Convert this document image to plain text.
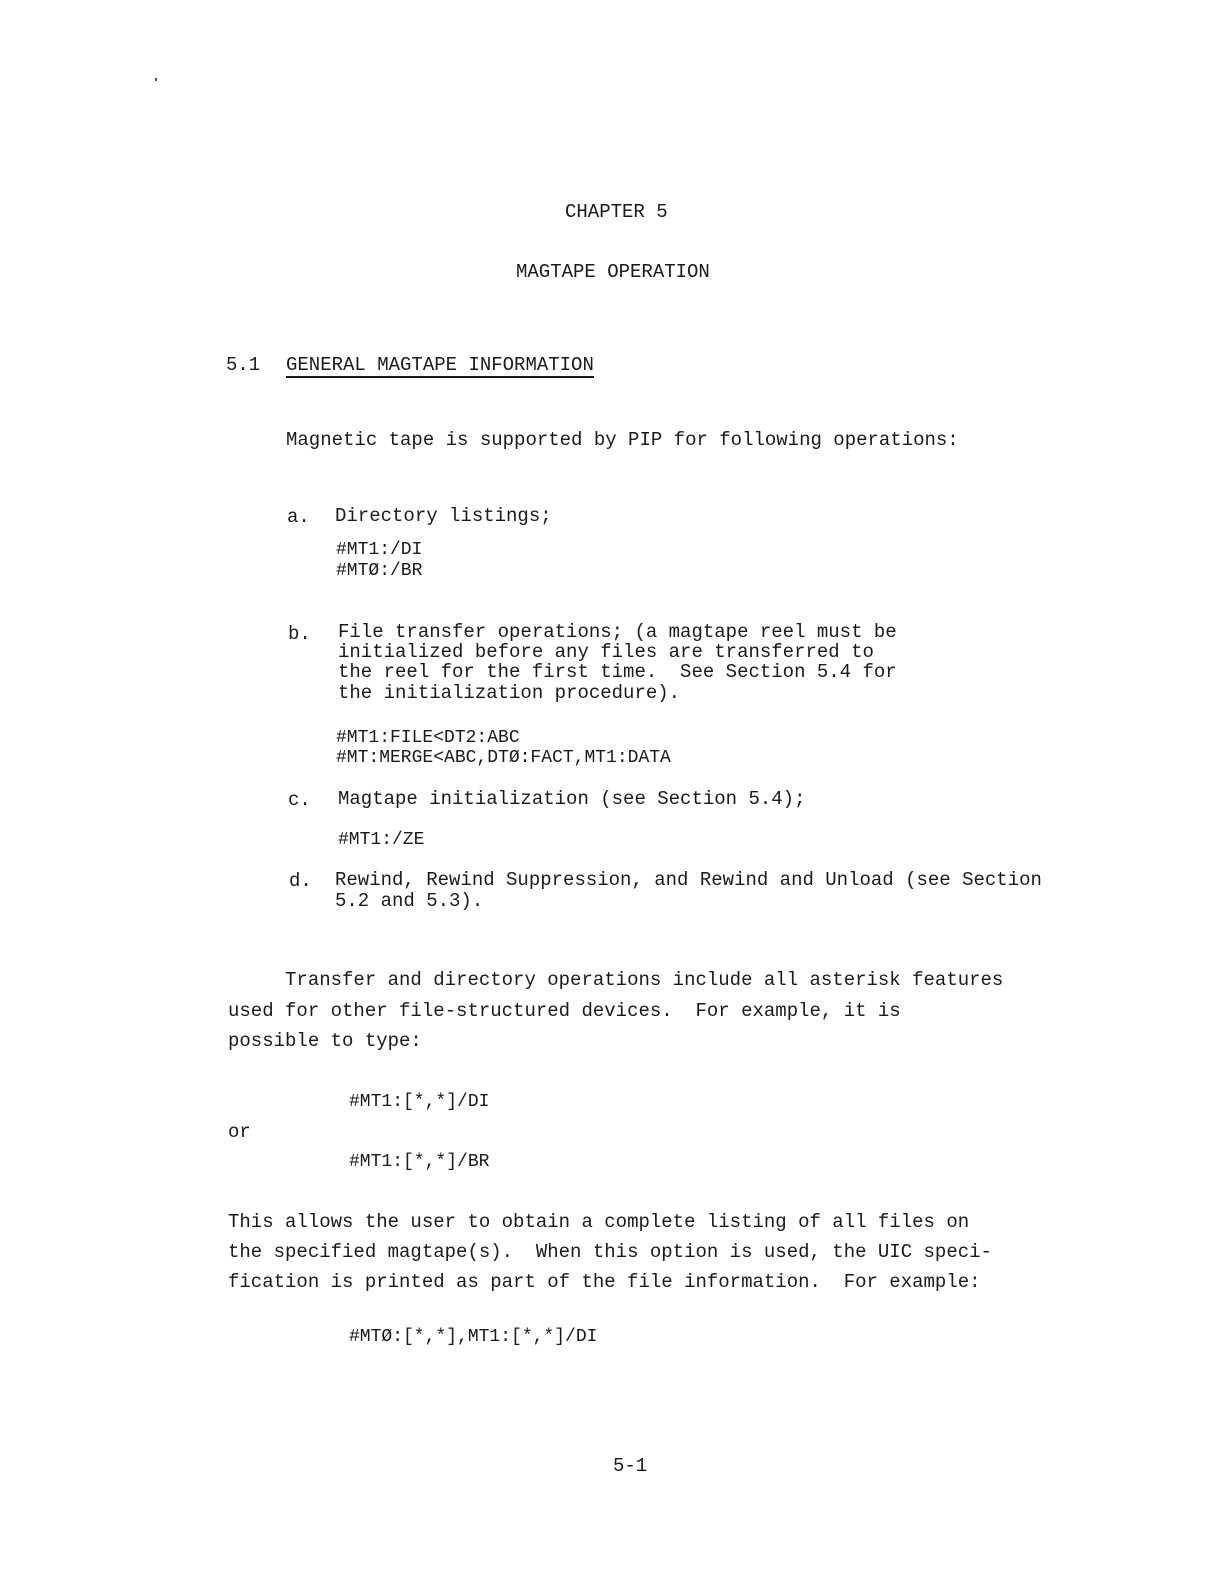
CHAPTER 5
MAGTAPE OPERATION
5.1 GENERAL MAGTAPE INFORMATION
Magnetic tape is supported by PIP for following operations:
a. Directory listings;
#MT1:/DI
#MTØ:/BR
b. File transfer operations; (a magtape reel must be
initialized before any files are transferred to
the reel for the first time.  See Section 5.4 for
the initialization procedure).
#MT1:FILE<DT2:ABC
#MT:MERGE<ABC,DTØ:FACT,MT1:DATA
c. Magtape initialization (see Section 5.4);
#MT1:/ZE
d. Rewind, Rewind Suppression, and Rewind and Unload (see Section
5.2 and 5.3).
Transfer and directory operations include all asterisk features
used for other file-structured devices.  For example, it is
possible to type:
#MT1:[*,*]/DI
or
#MT1:[*,*]/BR
This allows the user to obtain a complete listing of all files on
the specified magtape(s).  When this option is used, the UIC speci-
fication is printed as part of the file information.  For example:
#MTØ:[*,*],MT1:[*,*]/DI
5-1
